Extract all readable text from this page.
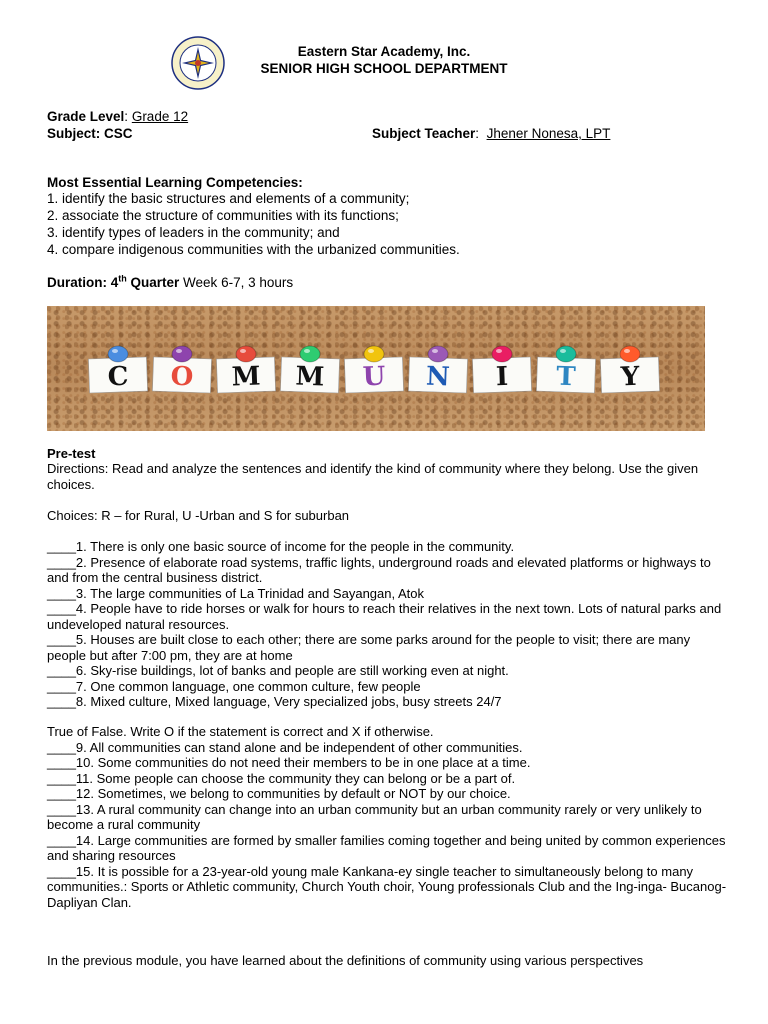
Eastern Star Academy, Inc.
SENIOR HIGH SCHOOL DEPARTMENT
Grade Level: Grade 12
Subject: CSC	Subject Teacher:  Jhener Nonesa, LPT
Most Essential Learning Competencies:
1. identify the basic structures and elements of a community;
2. associate the structure of communities with its functions;
3. identify types of leaders in the community; and
4. compare indigenous communities with the urbanized communities.
Duration: 4th Quarter Week 6-7, 3 hours
C O M M U N I T Y
Pre-test
Directions: Read and analyze the sentences and identify the kind of community where they belong. Use the given choices.
Choices: R – for Rural, U -Urban and S for suburban

____1. There is only one basic source of income for the people in the community.

____2. Presence of elaborate road systems, traffic lights, underground roads and elevated platforms or highways to and from the central business district.

____3. The large communities of La Trinidad and Sayangan, Atok

____4. People have to ride horses or walk for hours to reach their relatives in the next town. Lots of natural parks and undeveloped natural resources.

____5. Houses are built close to each other; there are some parks around for the people to visit; there are many people but after 7:00 pm, they are at home

____6. Sky-rise buildings, lot of banks and people are still working even at night.

____7. One common language, one common culture, few people

____8. Mixed culture, Mixed language, Very specialized jobs, busy streets 24/7

True of False. Write O if the statement is correct and X if otherwise.

____9. All communities can stand alone and be independent of other communities.

____10. Some communities do not need their members to be in one place at a time.

____11. Some people can choose the community they can belong or be a part of.

____12. Sometimes, we belong to communities by default or NOT by our choice.

____13. A rural community can change into an urban community but an urban community rarely or very unlikely to become a rural community

____14. Large communities are formed by smaller families coming together and being united by common experiences and sharing resources

____15. It is possible for a 23-year-old young male Kankana-ey single teacher to simultaneously belong to many communities.: Sports or Athletic community, Church Youth choir, Young professionals Club and the Ing-inga- Bucanog-Dapliyan Clan.

In the previous module, you have learned about the definitions of community using various perspectives
